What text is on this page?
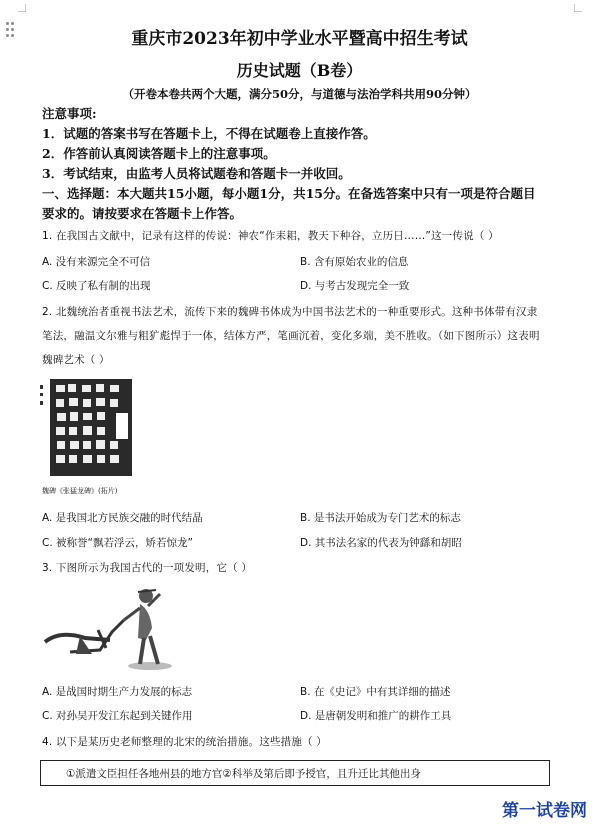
重庆市2023年初中学业水平暨高中招生考试
历史试题（B卷）
（开卷本卷共两个大题，满分50分，与道德与法治学科共用90分钟）
注意事项:
1．试题的答案书写在答题卡上，不得在试题卷上直接作答。
2．作答前认真阅读答题卡上的注意事项。
3．考试结束，由监考人员将试题卷和答题卡一并收回。
一、选择题：本大题共15小题，每小题1分，共15分。在备选答案中只有一项是符合题目
要求的。请按要求在答题卡上作答。
1. 在我国古文献中，记录有这样的传说：神农“作耒耜，教天下种谷，立历日……”这一传说（ ）
A. 没有来源完全不可信	B. 含有原始农业的信息
C. 反映了私有制的出现	D. 与考古发现完全一致
2. 北魏统治者重视书法艺术，流传下来的魏碑书体成为中国书法艺术的一种重要形式。这种书体带有汉隶
笔法，融温文尔雅与粗犷彪悍于一体，结体方严，笔画沉着，变化多端，美不胜收。（如下图所示）这表明
魏碑艺术（ ）
魏碑《张猛龙碑》(拓片)
A. 是我国北方民族交融的时代结晶	B. 是书法开始成为专门艺术的标志
C. 被称誉“飘若浮云，矫若惊龙”	D. 其书法名家的代表为钟繇和胡昭
3. 下图所示为我国古代的一项发明，它（ ）
A. 是战国时期生产力发展的标志	B. 在《史记》中有其详细的描述
C. 对孙吴开发江东起到关键作用	D. 是唐朝发明和推广的耕作工具
4. 以下是某历史老师整理的北宋的统治措施。这些措施（ ）
①派遣文臣担任各地州县的地方官②科举及第后即予授官，且升迁比其他出身
第一试卷网
